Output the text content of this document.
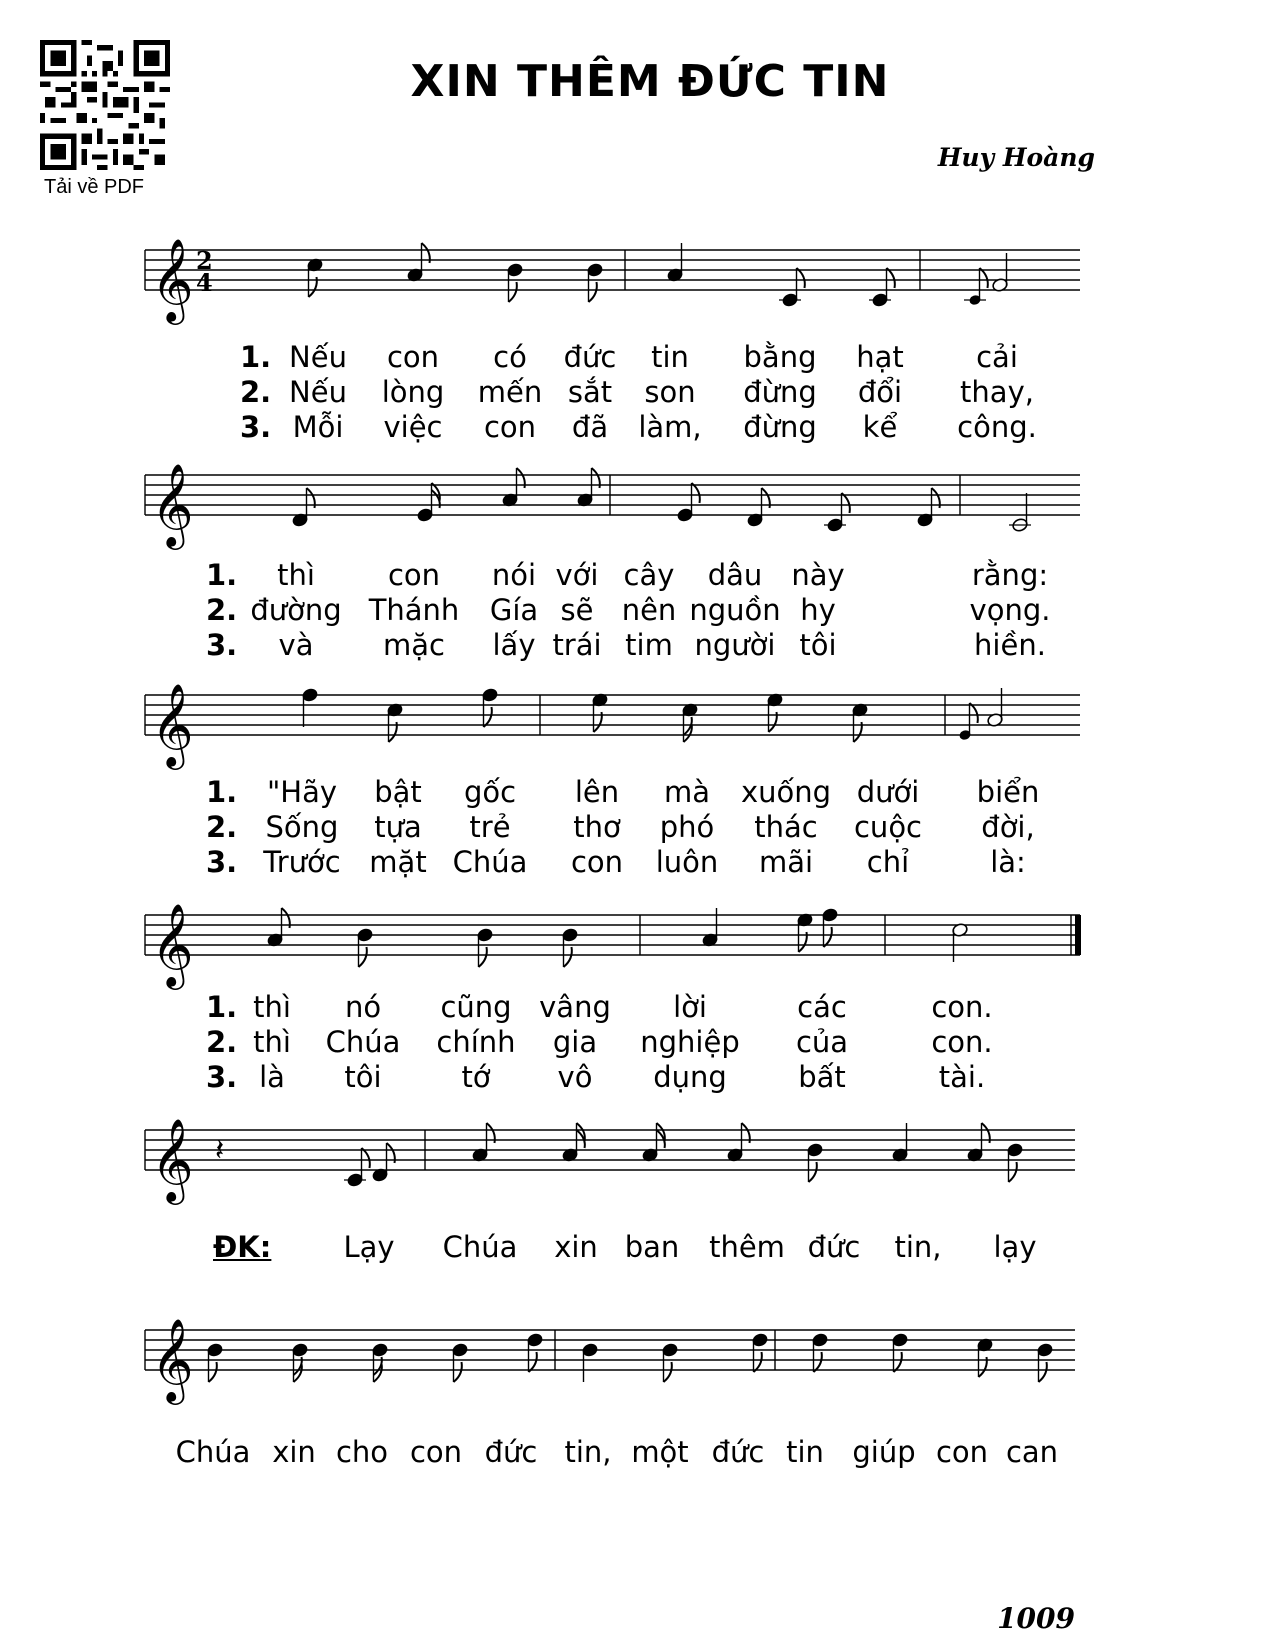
Tải về PDF
XIN THÊM ĐỨC TIN
Huy Hoàng
𝄞 2
4
𝄞
𝄞
𝄞
𝄞 𝄽
𝄞
1. Nếu con có đức tin bằng hạt cải
2. Nếu lòng mến sắt son đừng đổi thay,
3. Mỗi việc con đã làm, đừng kể công.
1. thì	con nói với cây dâu này	rằng:
2. đường Thánh Gía sẽ nên nguồn hy	vọng.
3. và mặc lấy trái tim người tôi	hiền.
1. "Hãy bật gốc lên mà xuống dưới biển
2. Sống tựa trẻ thơ phó thác cuộc đời,
3. Trước mặt Chúa con luôn mãi chỉ	là:
1. thì nó cũng vâng lời	các	con.
2. thì Chúa chính gia nghiệp của	con.
3. là tôi	tớ vô dụng bất	tài.
ĐK: Lạy Chúa xin ban thêm đức tin, lạy
Chúa xin cho con đức tin, một đức tin giúp con can
1009
